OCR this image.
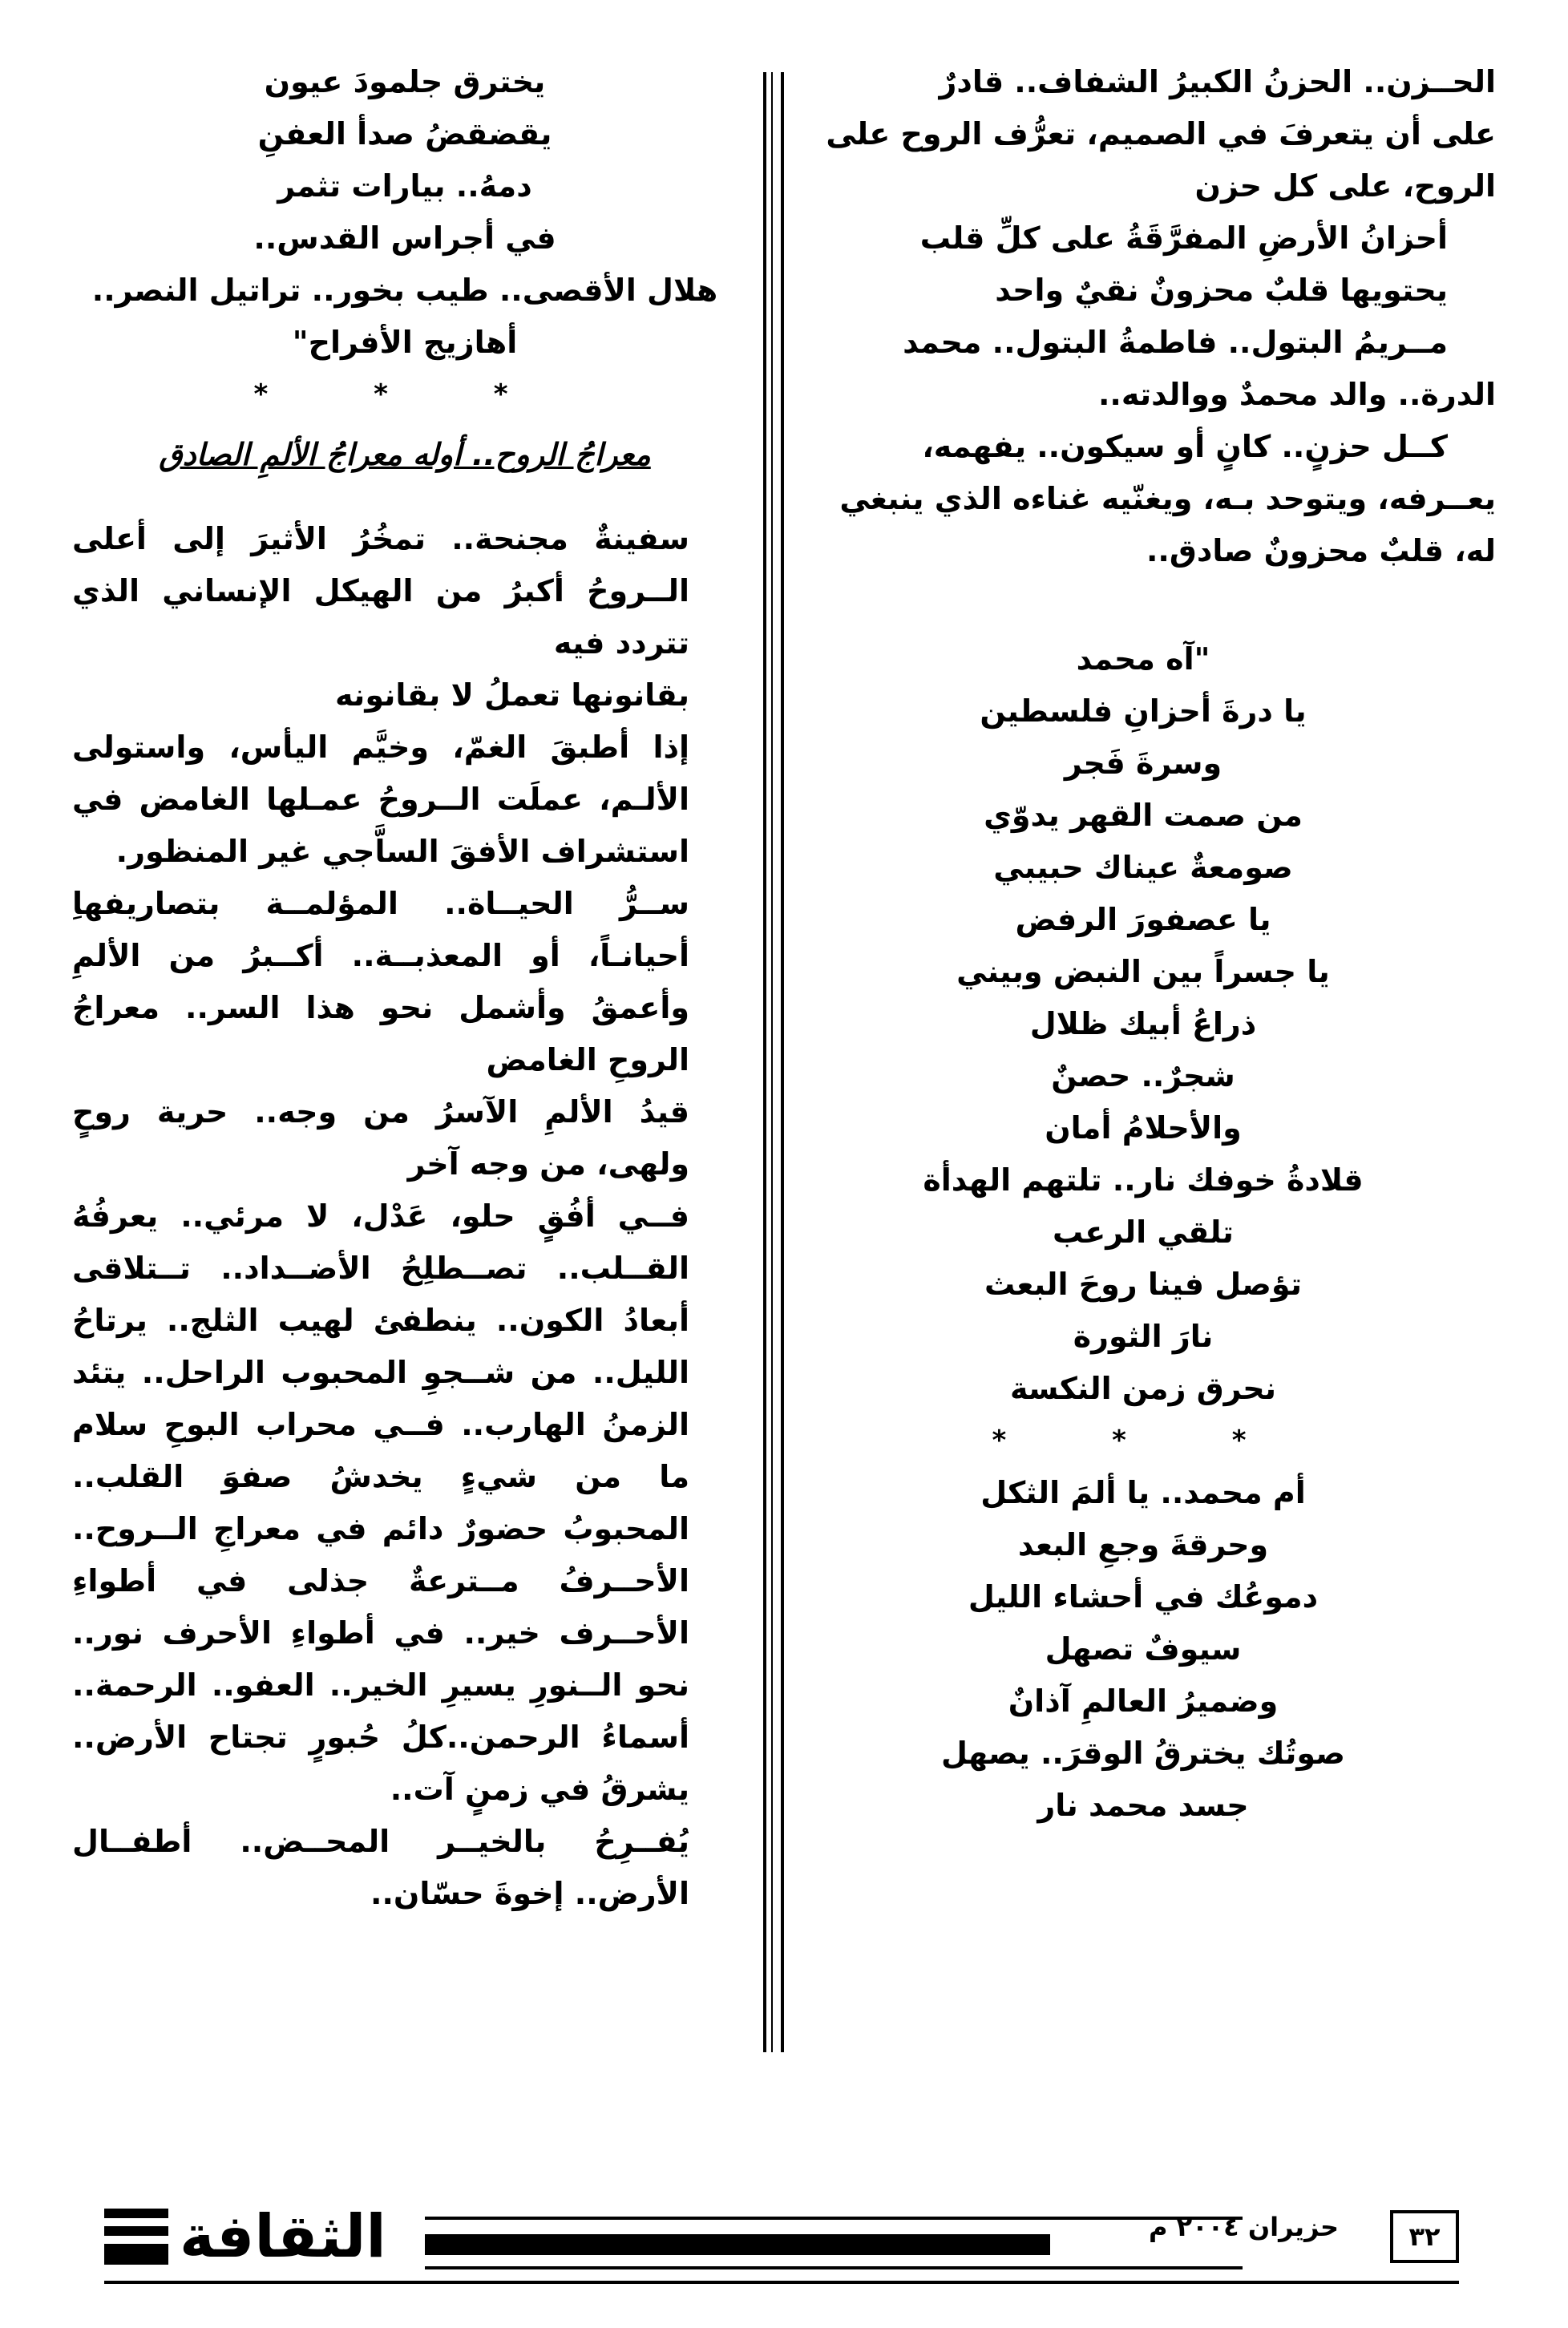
الحــزن.. الحزنُ الكبيرُ الشفاف.. قادرٌ
على أن يتعرفَ في الصميم، تعرُّف الروح على
الروح، على كل حزن
أحزانُ الأرضِ المفرَّقَةُ على كلِّ قلب
يحتويها قلبٌ محزونٌ نقيٌ واحد
مــريمُ البتول.. فاطمةُ البتول.. محمد
الدرة.. والد محمدٌ ووالدته..
كــل حزنٍ.. كانٍ أو سيكون.. يفهمه،
يعــرفه، ويتوحد بـه، ويغنّيه غناءه الذي ينبغي
له، قلبٌ محزونٌ صادق..
"آه محمد
يا درةَ أحزانِ فلسطين
وسرةَ فَجر
من صمت القهر يدوّي
صومعةٌ عيناك حبيبي
يا عصفورَ الرفض
يا جسراً بين النبض وبيني
ذراعُ أبيك ظلال
شجرٌ.. حصنٌ
والأحلامُ أمان
قلادةُ خوفك نار.. تلتهم الهدأة
تلقي الرعب
تؤصل فينا روحَ البعث
نارَ الثورة
نحرق زمن النكسة
* * *
أم محمد.. يا ألمَ الثكل
وحرقةَ وجعِ البعد
دموعُك في أحشاء الليل
سيوفٌ تصهل
وضميرُ العالمِ آذانٌ
صوتُك يخترقُ الوقرَ.. يصهل
جسد محمد نار
يخترق جلمودَ عيون
يقضقضُ صدأ العفنِ
دمهُ.. بيارات تثمر
في أجراس القدس..
هلال الأقصى.. طيب بخور.. تراتيل النصر..
أهازيج الأفراح"
* * *
معراجُ الروح.. أوله معراجُ الألمِ الصادق
سفينةٌ مجنحة.. تمخُرُ الأثيرَ إلى أعلى الــروحُ أكبرُ من الهيكل الإنساني الذي تتردد فيه
بقانونها تعملُ لا بقانونه
إذا أطبقَ الغمّ، وخيَّم اليأس، واستولى الألـم، عملَت الــروحُ عمـلها الغامض في استشراف الأفقَ الساَّجي غير المنظور.
ســرُّ الحيــاة.. المؤلمــة بتصاريفهاِ أحيانـاً، أو المعذبــة.. أكــبرُ من الألمِ وأعمقُ وأشمل نحو هذا السر.. معراجُ الروحِ الغامض
قيدُ الألمِ الآسرُ من وجه.. حرية روحٍ ولهى، من وجه آخر
فــي أفُقٍ حلو، عَدْل، لا مرئي.. يعرفُهُ القــلب.. تصــطلِحُ الأضــداد.. تــتلاقى أبعادُ الكون.. ينطفئ لهيب الثلج.. يرتاحُ الليل.. من شــجوِ المحبوب الراحل.. يتئد الزمنُ الهارب.. فــي محراب البوحِ سلام ما من شيءٍ يخدشُ صفوَ القلب.. المحبوبُ حضورٌ دائم في معراجِ الــروح.. الأحــرفُ مــترعةٌ جذلى في أطواءِ الأحــرف خير.. في أطواءِ الأحرف نور.. نحو الــنورِ يسيرِ الخير.. العفو.. الرحمة.. أسماءُ الرحمن..كلُ حُبورٍ تجتاح الأرض.. يشرقُ في زمنٍ آت..
يُفــرِحُ بالخيــر المحــض.. أطفــال الأرض.. إخوةَ حسّان..
الثقافة	حزيران ٢٠٠٤ م	٣٢
